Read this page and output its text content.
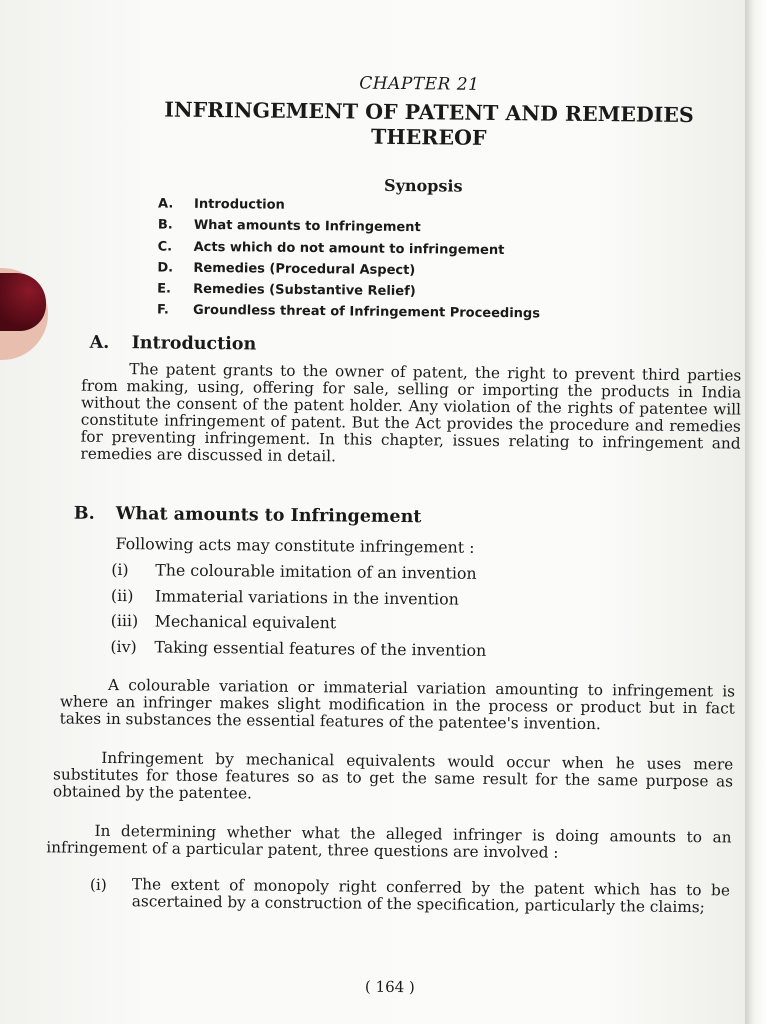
CHAPTER 21
INFRINGEMENT OF PATENT AND REMEDIES THEREOF
Synopsis
A. Introduction
B. What amounts to Infringement
C. Acts which do not amount to infringement
D. Remedies (Procedural Aspect)
E. Remedies (Substantive Relief)
F. Groundless threat of Infringement Proceedings
A. Introduction

The patent grants to the owner of patent, the right to prevent third parties from making, using, offering for sale, selling or importing the products in India without the consent of the patent holder. Any violation of the rights of patentee will constitute infringement of patent. But the Act provides the procedure and remedies for preventing infringement. In this chapter, issues relating to infringement and remedies are discussed in detail.

B. What amounts to Infringement
Following acts may constitute infringement :
(i) The colourable imitation of an invention
(ii) Immaterial variations in the invention
(iii) Mechanical equivalent
(iv) Taking essential features of the invention

A colourable variation or immaterial variation amounting to infringement is where an infringer makes slight modification in the process or product but in fact takes in substances the essential features of the patentee's invention.

Infringement by mechanical equivalents would occur when he uses mere substitutes for those features so as to get the same result for the same purpose as obtained by the patentee.

In determining whether what the alleged infringer is doing amounts to an infringement of a particular patent, three questions are involved :

(i) The extent of monopoly right conferred by the patent which has to be ascertained by a construction of the specification, particularly the claims;

( 164 )
